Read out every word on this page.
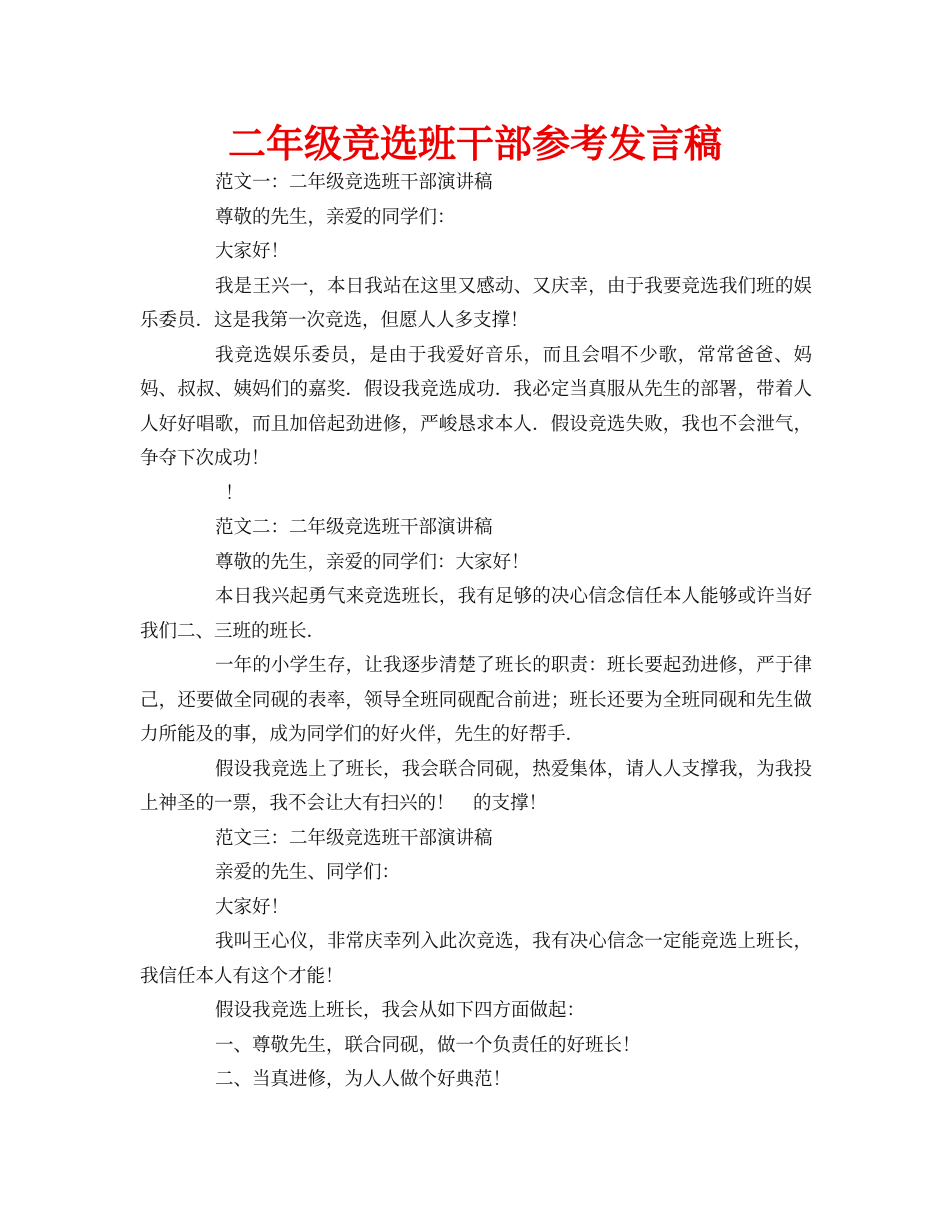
二年级竞选班干部参考发言稿

范文一：二年级竞选班干部演讲稿

尊敬的先生，亲爱的同学们：

大家好！

我是王兴一，本日我站在这里又感动、又庆幸，由于我要竞选我们班的娱乐委员．这是我第一次竞选，但愿人人多支撑！

我竞选娱乐委员，是由于我爱好音乐，而且会唱不少歌，常常爸爸、妈妈、叔叔、姨妈们的嘉奖．假设我竞选成功．我必定当真服从先生的部署，带着人人好好唱歌，而且加倍起劲进修，严峻恳求本人．假设竞选失败，我也不会泄气，争夺下次成功！

！

范文二：二年级竞选班干部演讲稿

尊敬的先生，亲爱的同学们：大家好！

本日我兴起勇气来竞选班长，我有足够的决心信念信任本人能够或许当好我们二、三班的班长．

一年的小学生存，让我逐步清楚了班长的职责：班长要起劲进修，严于律己，还要做全同砚的表率，领导全班同砚配合前进；班长还要为全班同砚和先生做力所能及的事，成为同学们的好火伴，先生的好帮手．

假设我竞选上了班长，我会联合同砚，热爱集体，请人人支撑我，为我投上神圣的一票，我不会让大有扫兴的！　的支撑！

范文三：二年级竞选班干部演讲稿

亲爱的先生、同学们：

大家好！

我叫王心仪，非常庆幸列入此次竞选，我有决心信念一定能竞选上班长，我信任本人有这个才能！

假设我竞选上班长，我会从如下四方面做起：

一、尊敬先生，联合同砚，做一个负责任的好班长！

二、当真进修，为人人做个好典范！
